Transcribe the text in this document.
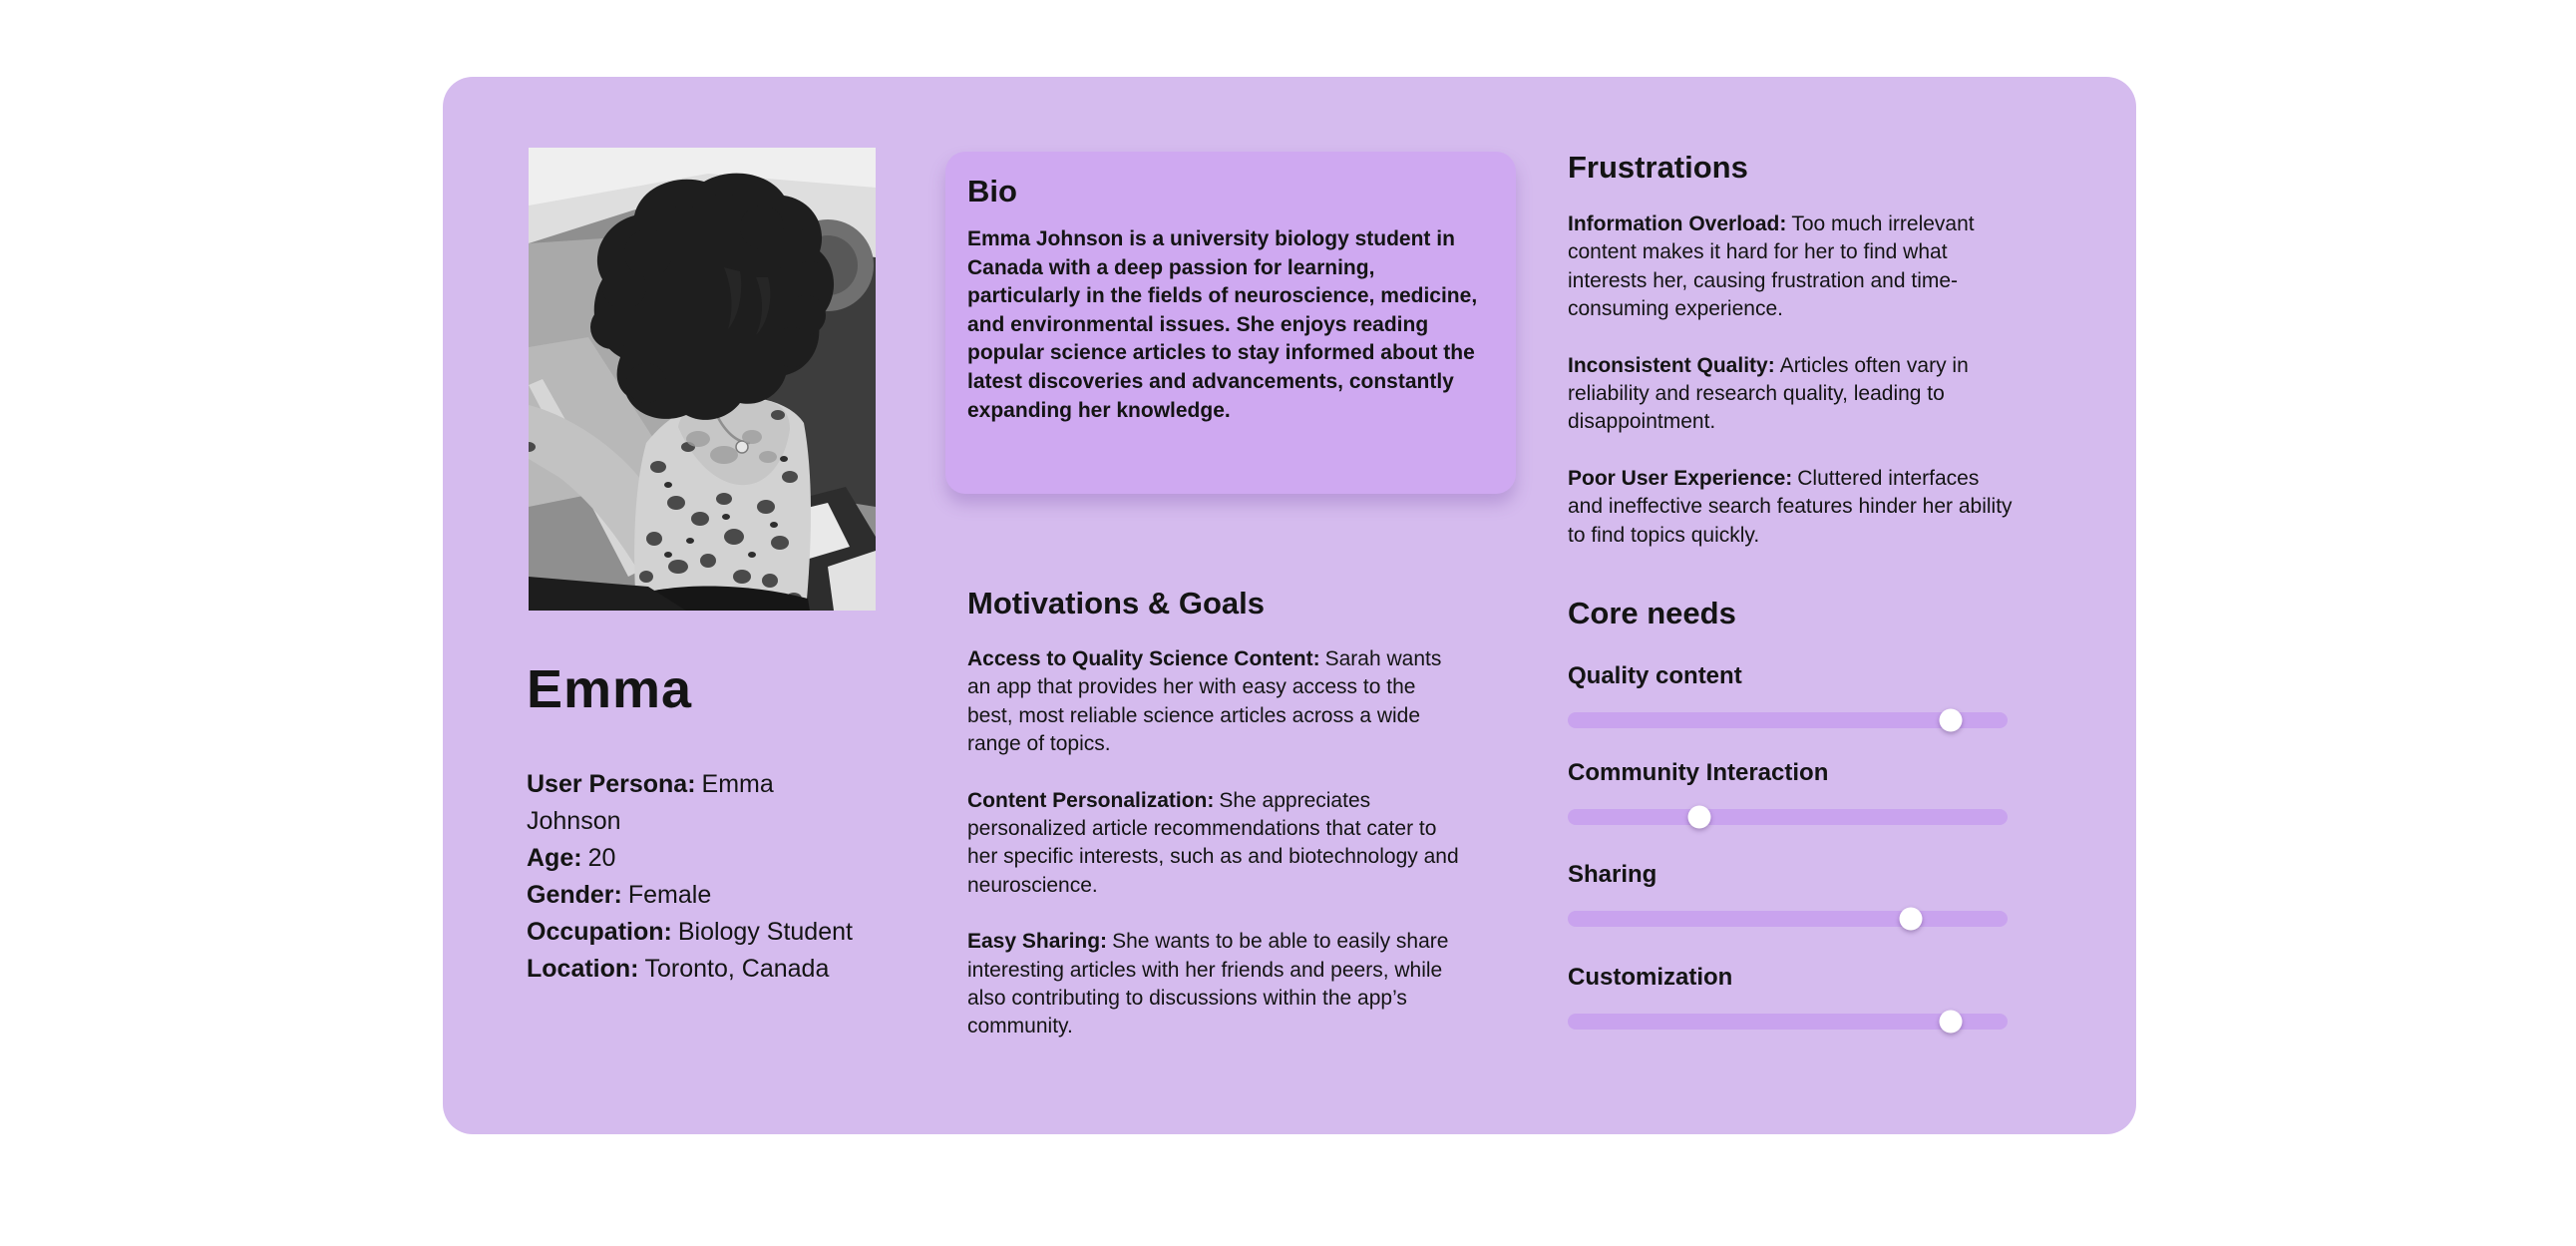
Emma
User Persona: Emma Johnson
Age: 20
Gender: Female
Occupation: Biology Student
Location: Toronto, Canada
Bio
Emma Johnson is a university biology student in Canada with a deep passion for learning, particularly in the fields of neuroscience, medicine, and environmental issues. She enjoys reading popular science articles to stay informed about the latest discoveries and advancements, constantly expanding her knowledge.
Motivations & Goals

Access to Quality Science Content: Sarah wants an app that provides her with easy access to the best, most reliable science articles across a wide range of topics.

Content Personalization: She appreciates personalized article recommendations that cater to her specific interests, such as and biotechnology and neuroscience.

Easy Sharing: She wants to be able to easily share interesting articles with her friends and peers, while also contributing to discussions within the app’s community.

Frustrations

Information Overload: Too much irrelevant content makes it hard for her to find what interests her, causing frustration and time-consuming experience.

Inconsistent Quality: Articles often vary in reliability and research quality, leading to disappointment.

Poor User Experience: Cluttered interfaces and ineffective search features hinder her ability to find topics quickly.

Core needs
Quality content
Community Interaction
Sharing
Customization
